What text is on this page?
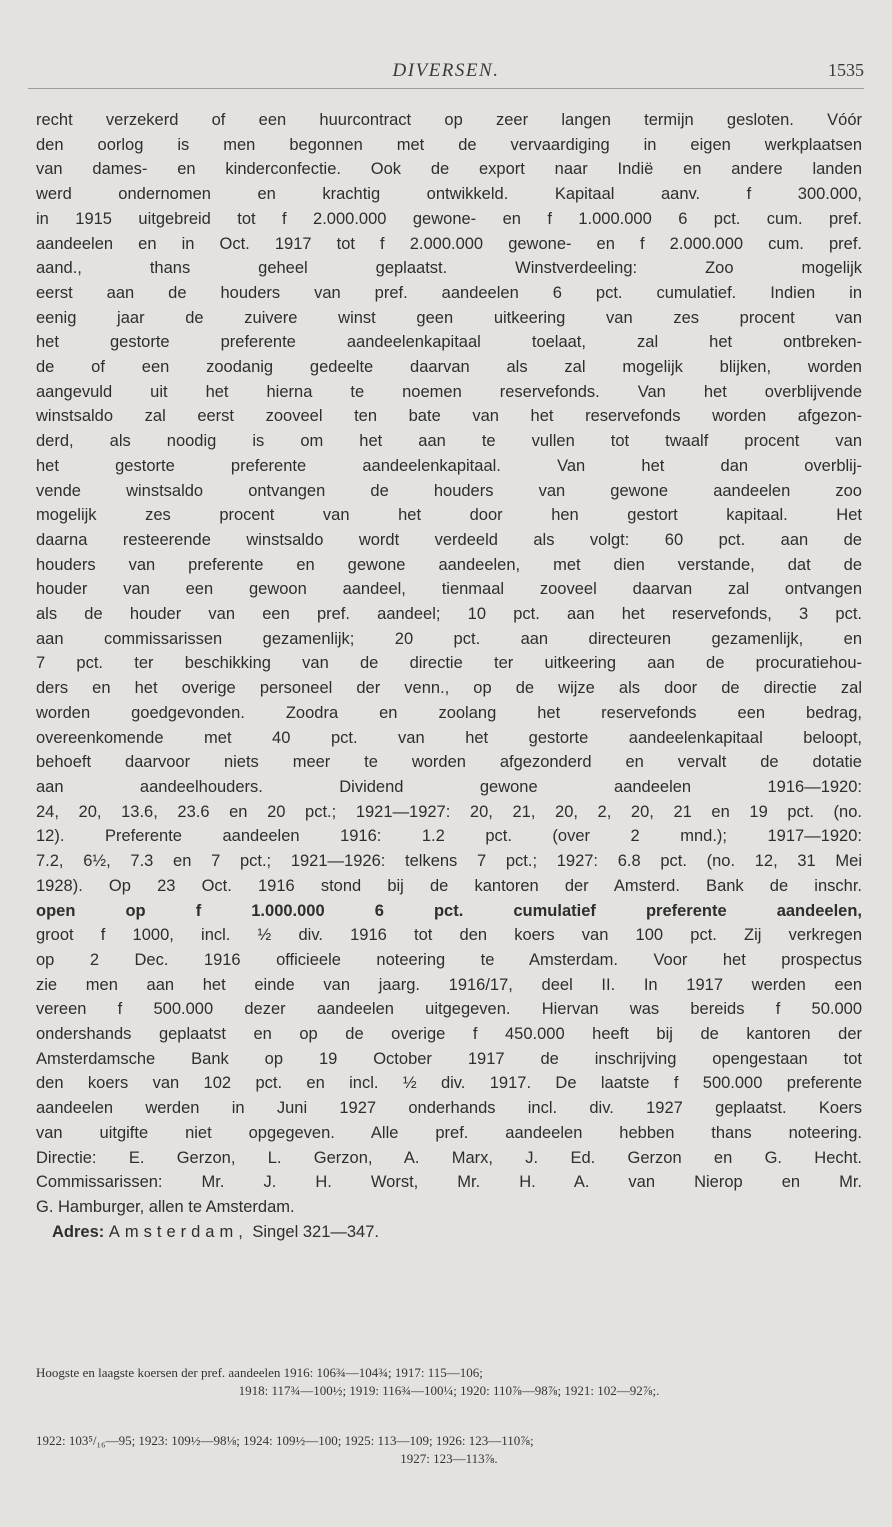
DIVERSEN.	1535
recht verzekerd of een huurcontract op zeer langen termijn gesloten. Vóór
den oorlog is men begonnen met de vervaardiging in eigen werkplaatsen
van dames- en kinderconfectie. Ook de export naar Indië en andere landen
werd ondernomen en krachtig ontwikkeld. Kapitaal aanv. f 300.000,
in 1915 uitgebreid tot f 2.000.000 gewone- en f 1.000.000 6 pct. cum. pref.
aandeelen en in Oct. 1917 tot f 2.000.000 gewone- en f 2.000.000 cum. pref.
aand., thans geheel geplaatst. Winstverdeeling: Zoo mogelijk
eerst aan de houders van pref. aandeelen 6 pct. cumulatief. Indien in
eenig jaar de zuivere winst geen uitkeering van zes procent van
het gestorte preferente aandeelenkapitaal toelaat, zal het ontbreken-
de of een zoodanig gedeelte daarvan als zal mogelijk blijken, worden
aangevuld uit het hierna te noemen reservefonds. Van het overblijvende
winstsaldo zal eerst zooveel ten bate van het reservefonds worden afgezon-
derd, als noodig is om het aan te vullen tot twaalf procent van
het gestorte preferente aandeelenkapitaal. Van het dan overblij-
vende winstsaldo ontvangen de houders van gewone aandeelen zoo
mogelijk zes procent van het door hen gestort kapitaal. Het
daarna resteerende winstsaldo wordt verdeeld als volgt: 60 pct. aan de
houders van preferente en gewone aandeelen, met dien verstande, dat de
houder van een gewoon aandeel, tienmaal zooveel daarvan zal ontvangen
als de houder van een pref. aandeel; 10 pct. aan het reservefonds, 3 pct.
aan commissarissen gezamenlijk; 20 pct. aan directeuren gezamenlijk, en
7 pct. ter beschikking van de directie ter uitkeering aan de procuratiehou-
ders en het overige personeel der venn., op de wijze als door de directie zal
worden goedgevonden. Zoodra en zoolang het reservefonds een bedrag,
overeenkomende met 40 pct. van het gestorte aandeelenkapitaal beloopt,
behoeft daarvoor niets meer te worden afgezonderd en vervalt de dotatie
aan aandeelhouders. Dividend gewone aandeelen 1916—1920:
24, 20, 13.6, 23.6 en 20 pct.; 1921—1927: 20, 21, 20, 2, 20, 21 en 19 pct. (no.
12). Preferente aandeelen 1916: 1.2 pct. (over 2 mnd.); 1917—1920:
7.2, 6½, 7.3 en 7 pct.; 1921—1926: telkens 7 pct.; 1927: 6.8 pct. (no. 12, 31 Mei
1928). Op 23 Oct. 1916 stond bij de kantoren der Amsterd. Bank de inschr.
open op f 1.000.000 6 pct. cumulatief preferente aandeelen,
groot f 1000, incl. ½ div. 1916 tot den koers van 100 pct. Zij verkregen
op 2 Dec. 1916 officieele noteering te Amsterdam. Voor het prospectus
zie men aan het einde van jaarg. 1916/17, deel II. In 1917 werden een
vereen f 500.000 dezer aandeelen uitgegeven. Hiervan was bereids f 50.000
ondershands geplaatst en op de overige f 450.000 heeft bij de kantoren der
Amsterdamsche Bank op 19 October 1917 de inschrijving opengestaan tot
den koers van 102 pct. en incl. ½ div. 1917. De laatste f 500.000 preferente
aandeelen werden in Juni 1927 onderhands incl. div. 1927 geplaatst. Koers
van uitgifte niet opgegeven. Alle pref. aandeelen hebben thans noteering.
Directie: E. Gerzon, L. Gerzon, A. Marx, J. Ed. Gerzon en G. Hecht.
Commissarissen: Mr. J. H. Worst, Mr. H. A. van Nierop en Mr.
G. Hamburger, allen te Amsterdam.
Adres: Amsterdam, Singel 321—347.
Hoogste en laagste koersen der pref. aandeelen 1916: 106¾—104¾; 1917: 115—106;
1918: 117¾—100½; 1919: 116¾—100¼; 1920: 110⅞—98⅞; 1921: 102—92⅞;.
1922: 103⁵/₁₆—95; 1923: 109½—98⅛; 1924: 109½—100; 1925: 113—109; 1926: 123—110⅞;
1927: 123—113⅞.
